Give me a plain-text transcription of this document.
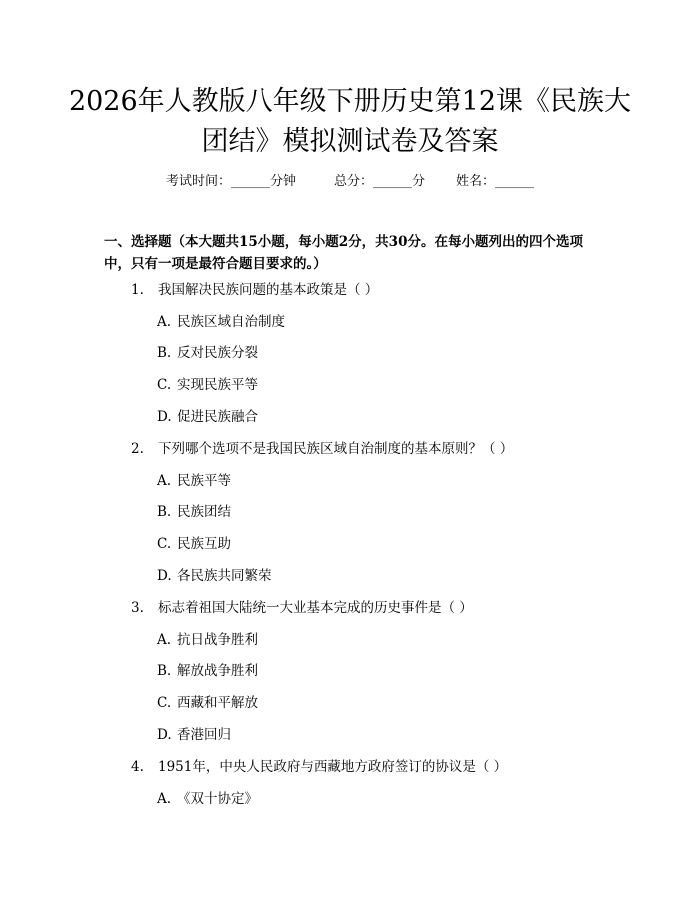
2026年人教版八年级下册历史第12课《民族大团结》模拟测试卷及答案
考试时间：______分钟	总分：______分 姓名：______

一、选择题（本大题共15小题，每小题2分，共30分。在每小题列出的四个选项中，只有一项是最符合题目要求的。）

1. 我国解决民族问题的基本政策是（ ）
A. 民族区域自治制度
B. 反对民族分裂
C. 实现民族平等
D. 促进民族融合
2. 下列哪个选项不是我国民族区域自治制度的基本原则？（ ）
A. 民族平等
B. 民族团结
C. 民族互助
D. 各民族共同繁荣
3. 标志着祖国大陆统一大业基本完成的历史事件是（ ）
A. 抗日战争胜利
B. 解放战争胜利
C. 西藏和平解放
D. 香港回归
4. 1951年，中央人民政府与西藏地方政府签订的协议是（ ）
A. 《双十协定》
